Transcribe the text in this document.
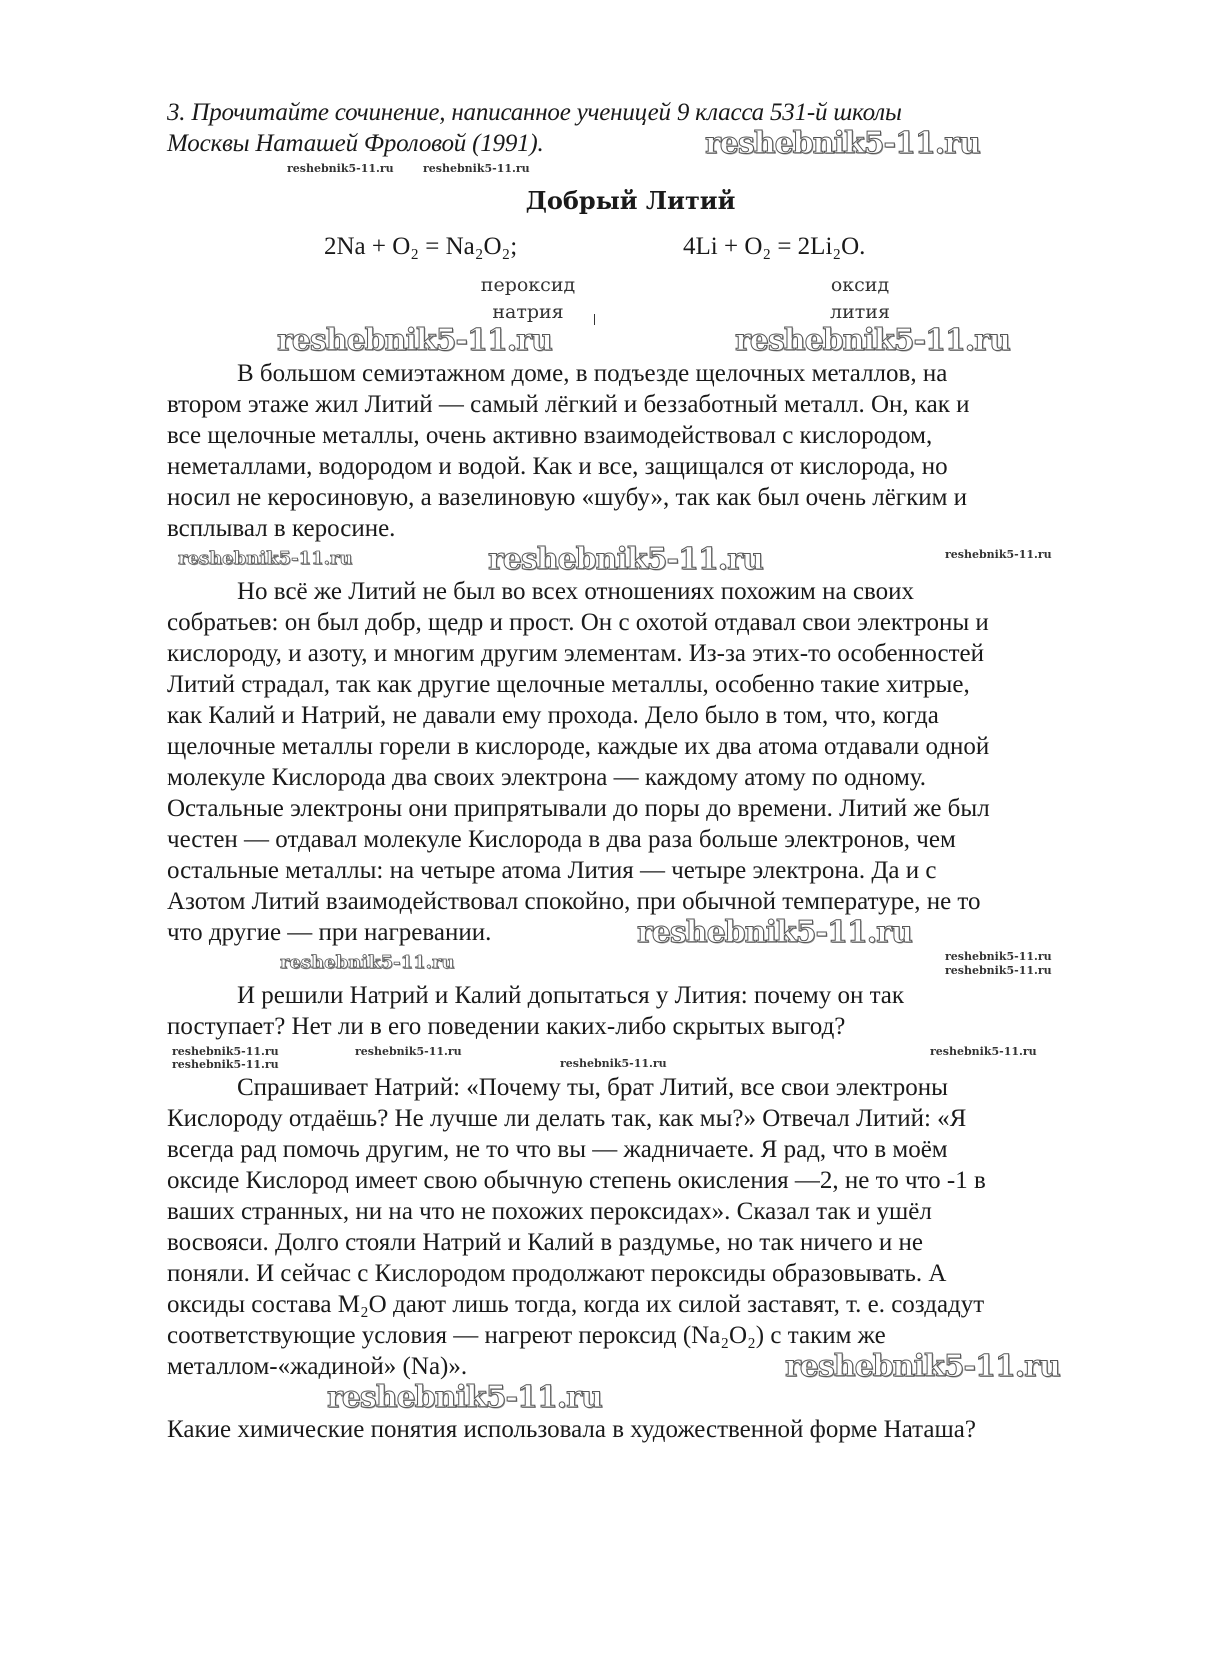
3. Прочитайте сочинение, написанное ученицей 9 класса 531-й школы
Москвы Наташей Фроловой (1991).
Добрый Литий
2Na + O₂ = Na₂O₂;	4Li + O₂ = 2Li₂O.
пероксид
натрия
оксид
лития
В большом семиэтажном доме, в подъезде щелочных металлов, на
втором этаже жил Литий — самый лёгкий и беззаботный металл. Он, как и
все щелочные металлы, очень активно взаимодействовал с кислородом,
неметаллами, водородом и водой. Как и все, защищался от кислорода, но
носил не керосиновую, а вазелиновую «шубу», так как был очень лёгким и
всплывал в керосине.
Но всё же Литий не был во всех отношениях похожим на своих
собратьев: он был добр, щедр и прост. Он с охотой отдавал свои электроны и
кислороду, и азоту, и многим другим элементам. Из-за этих-то особенностей
Литий страдал, так как другие щелочные металлы, особенно такие хитрые,
как Калий и Натрий, не давали ему прохода. Дело было в том, что, когда
щелочные металлы горели в кислороде, каждые их два атома отдавали одной
молекуле Кислорода два своих электрона — каждому атому по одному.
Остальные электроны они припрятывали до поры до времени. Литий же был
честен — отдавал молекуле Кислорода в два раза больше электронов, чем
остальные металлы: на четыре атома Лития — четыре электрона. Да и с
Азотом Литий взаимодействовал спокойно, при обычной температуре, не то
что другие — при нагревании.
И решили Натрий и Калий допытаться у Лития: почему он так
поступает? Нет ли в его поведении каких-либо скрытых выгод?
Спрашивает Натрий: «Почему ты, брат Литий, все свои электроны
Кислороду отдаёшь? Не лучше ли делать так, как мы?» Отвечал Литий: «Я
всегда рад помочь другим, не то что вы — жадничаете. Я рад, что в моём
оксиде Кислород имеет свою обычную степень окисления —2, не то что -1 в
ваших странных, ни на что не похожих пероксидах». Сказал так и ушёл
восвояси. Долго стояли Натрий и Калий в раздумье, но так ничего и не
поняли. И сейчас с Кислородом продолжают пероксиды образовывать. А
оксиды состава M₂O дают лишь тогда, когда их силой заставят, т. е. создадут
соответствующие условия — нагреют пероксид (Na₂O₂) с таким же
металлом-«жадиной» (Na)».
Какие химические понятия использовала в художественной форме Наташа?
reshebnik5-11.ru
reshebnik5-11.ru	reshebnik5-11.ru
reshebnik5-11.ru
reshebnik5-11.ru
reshebnik5-11.ru
reshebnik5-11.ru
reshebnik5-11.ru
reshebnik5-11.ru
reshebnik5-11.ru	reshebnik5-11.ru
reshebnik5-11.ru
reshebnik5-11.ru
reshebnik5-11.ru
reshebnik5-11.ru	reshebnik5-11.ru
reshebnik5-11.ru
reshebnik5-11.ru
reshebnik5-11.ru
